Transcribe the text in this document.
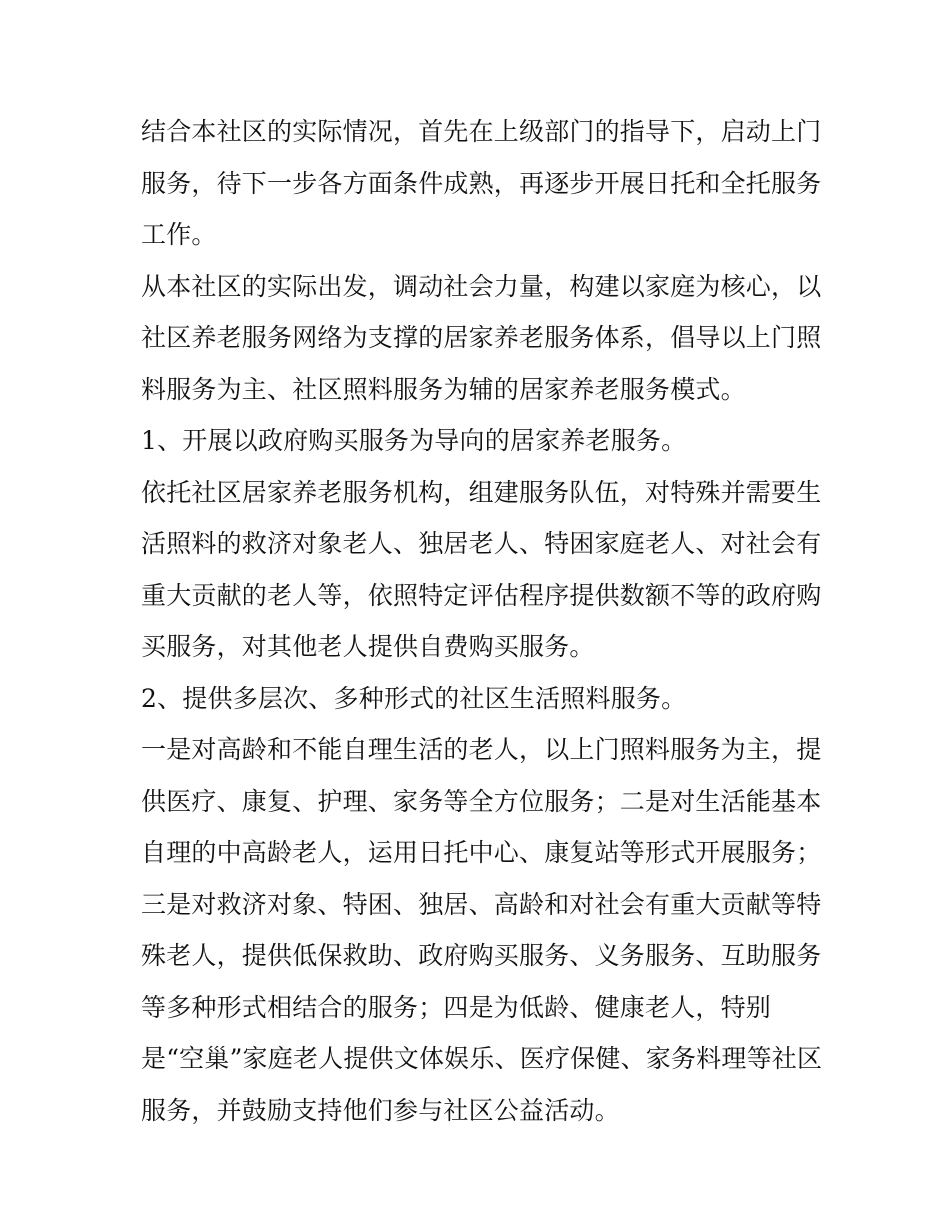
结合本社区的实际情况，首先在上级部门的指导下，启动上门
服务，待下一步各方面条件成熟，再逐步开展日托和全托服务
工作。
从本社区的实际出发，调动社会力量，构建以家庭为核心，以
社区养老服务网络为支撑的居家养老服务体系，倡导以上门照
料服务为主、社区照料服务为辅的居家养老服务模式。
1、开展以政府购买服务为导向的居家养老服务。
依托社区居家养老服务机构，组建服务队伍，对特殊并需要生
活照料的救济对象老人、独居老人、特困家庭老人、对社会有
重大贡献的老人等，依照特定评估程序提供数额不等的政府购
买服务，对其他老人提供自费购买服务。
2、提供多层次、多种形式的社区生活照料服务。
一是对高龄和不能自理生活的老人，以上门照料服务为主，提
供医疗、康复、护理、家务等全方位服务；二是对生活能基本
自理的中高龄老人，运用日托中心、康复站等形式开展服务；
三是对救济对象、特困、独居、高龄和对社会有重大贡献等特
殊老人，提供低保救助、政府购买服务、义务服务、互助服务
等多种形式相结合的服务；四是为低龄、健康老人，特别
是“空巢”家庭老人提供文体娱乐、医疗保健、家务料理等社区
服务，并鼓励支持他们参与社区公益活动。
